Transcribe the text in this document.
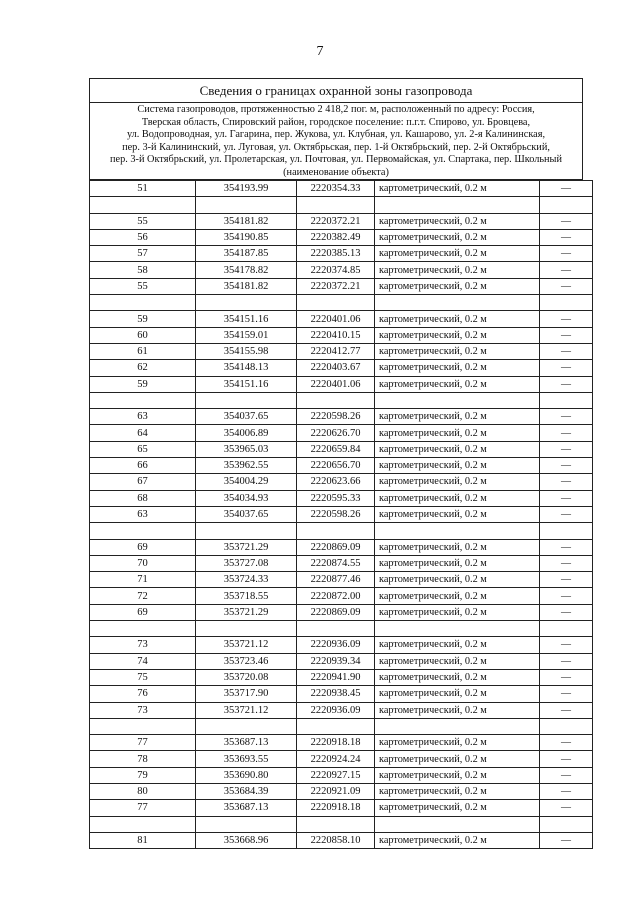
7
Сведения о границах охранной зоны газопровода
Система газопроводов, протяженностью 2 418,2 пог. м, расположенный по адресу: Россия,
Тверская область, Спировский район, городское поселение: п.г.т. Спирово, ул. Бровцева,
ул. Водопроводная, ул. Гагарина, пер. Жукова, ул. Клубная, ул. Кашарово, ул. 2-я Калининская,
пер. 3-й Калининский, ул. Луговая, ул. Октябрьская, пер. 1-й Октябрьский, пер. 2-й Октябрьский,
пер. 3-й Октябрьский, ул. Пролетарская, ул. Почтовая, ул. Первомайская, ул. Спартака, пер. Школьный
(наименование объекта)
51	354193.99	2220354.33	картометрический, 0.2 м	—

55	354181.82	2220372.21	картометрический, 0.2 м	—
56	354190.85	2220382.49	картометрический, 0.2 м	—
57	354187.85	2220385.13	картометрический, 0.2 м	—
58	354178.82	2220374.85	картометрический, 0.2 м	—
55	354181.82	2220372.21	картометрический, 0.2 м	—

59	354151.16	2220401.06	картометрический, 0.2 м	—
60	354159.01	2220410.15	картометрический, 0.2 м	—
61	354155.98	2220412.77	картометрический, 0.2 м	—
62	354148.13	2220403.67	картометрический, 0.2 м	—
59	354151.16	2220401.06	картометрический, 0.2 м	—

63	354037.65	2220598.26	картометрический, 0.2 м	—
64	354006.89	2220626.70	картометрический, 0.2 м	—
65	353965.03	2220659.84	картометрический, 0.2 м	—
66	353962.55	2220656.70	картометрический, 0.2 м	—
67	354004.29	2220623.66	картометрический, 0.2 м	—
68	354034.93	2220595.33	картометрический, 0.2 м	—
63	354037.65	2220598.26	картометрический, 0.2 м	—

69	353721.29	2220869.09	картометрический, 0.2 м	—
70	353727.08	2220874.55	картометрический, 0.2 м	—
71	353724.33	2220877.46	картометрический, 0.2 м	—
72	353718.55	2220872.00	картометрический, 0.2 м	—
69	353721.29	2220869.09	картометрический, 0.2 м	—

73	353721.12	2220936.09	картометрический, 0.2 м	—
74	353723.46	2220939.34	картометрический, 0.2 м	—
75	353720.08	2220941.90	картометрический, 0.2 м	—
76	353717.90	2220938.45	картометрический, 0.2 м	—
73	353721.12	2220936.09	картометрический, 0.2 м	—

77	353687.13	2220918.18	картометрический, 0.2 м	—
78	353693.55	2220924.24	картометрический, 0.2 м	—
79	353690.80	2220927.15	картометрический, 0.2 м	—
80	353684.39	2220921.09	картометрический, 0.2 м	—
77	353687.13	2220918.18	картометрический, 0.2 м	—

81	353668.96	2220858.10	картометрический, 0.2 м	—
